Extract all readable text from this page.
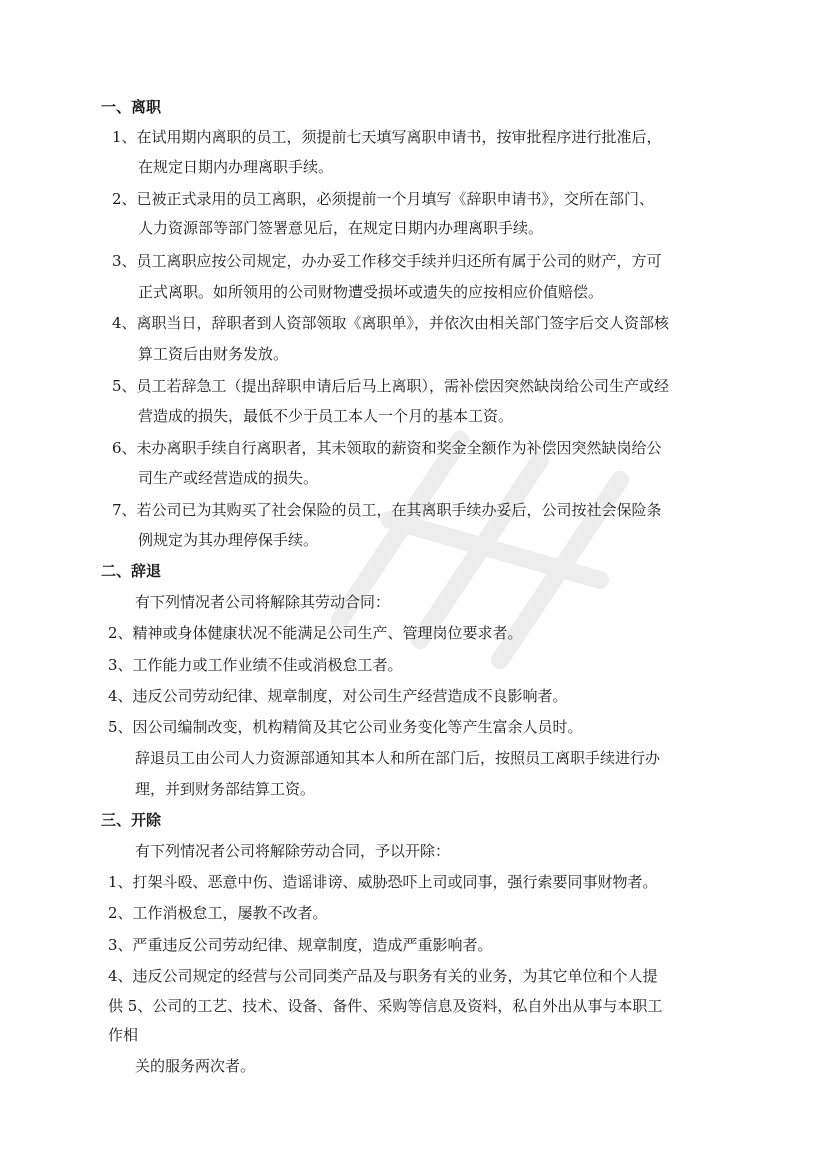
一、离职
1、在试用期内离职的员工，须提前七天填写离职申请书，按审批程序进行批准后，
在规定日期内办理离职手续。
2、已被正式录用的员工离职，必须提前一个月填写《辞职申请书》，交所在部门、
人力资源部等部门签署意见后，在规定日期内办理离职手续。
3、员工离职应按公司规定，办办妥工作移交手续并归还所有属于公司的财产，方可
正式离职。如所领用的公司财物遭受损坏或遗失的应按相应价值赔偿。
4、离职当日，辞职者到人资部领取《离职单》，并依次由相关部门签字后交人资部核
算工资后由财务发放。
5、员工若辞急工（提出辞职申请后后马上离职），需补偿因突然缺岗给公司生产或经
营造成的损失，最低不少于员工本人一个月的基本工资。
6、未办离职手续自行离职者，其未领取的薪资和奖金全额作为补偿因突然缺岗给公
司生产或经营造成的损失。
7、若公司已为其购买了社会保险的员工，在其离职手续办妥后，公司按社会保险条
例规定为其办理停保手续。
二、辞退
有下列情况者公司将解除其劳动合同：
2、精神或身体健康状况不能满足公司生产、管理岗位要求者。
3、工作能力或工作业绩不佳或消极怠工者。
4、违反公司劳动纪律、规章制度，对公司生产经营造成不良影响者。
5、因公司编制改变，机构精简及其它公司业务变化等产生富余人员时。
辞退员工由公司人力资源部通知其本人和所在部门后，按照员工离职手续进行办
理，并到财务部结算工资。
三、开除
有下列情况者公司将解除劳动合同，予以开除：
1、打架斗殴、恶意中伤、造谣诽谤、威胁恐吓上司或同事，强行索要同事财物者。
2、工作消极怠工，屡教不改者。
3、严重违反公司劳动纪律、规章制度，造成严重影响者。
4、违反公司规定的经营与公司同类产品及与职务有关的业务，为其它单位和个人提
供 5、公司的工艺、技术、设备、备件、采购等信息及资料，私自外出从事与本职工
作相
关的服务两次者。
